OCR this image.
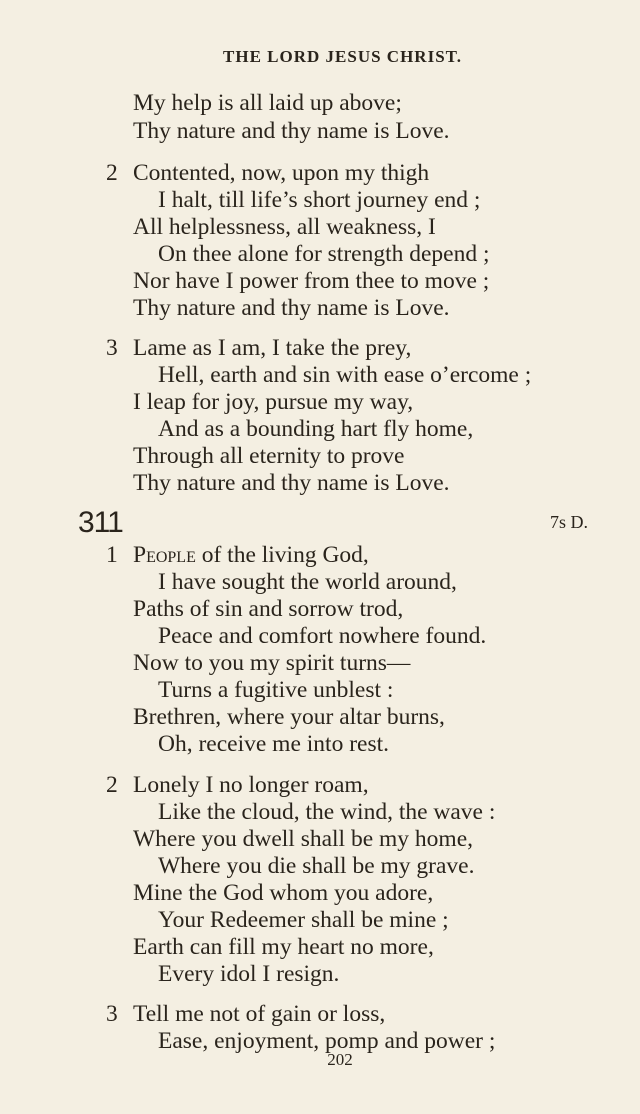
THE LORD JESUS CHRIST.
My help is all laid up above;
Thy nature and thy name is Love.
2 Contented, now, upon my thigh
I halt, till life’s short journey end ;
All helplessness, all weakness, I
On thee alone for strength depend ;
Nor have I power from thee to move ;
Thy nature and thy name is Love.
3 Lame as I am, I take the prey,
Hell, earth and sin with ease o’ercome ;
I leap for joy, pursue my way,
And as a bounding hart fly home,
Through all eternity to prove
Thy nature and thy name is Love.
311	7s D.
1 People of the living God,
I have sought the world around,
Paths of sin and sorrow trod,
Peace and comfort nowhere found.
Now to you my spirit turns—
Turns a fugitive unblest :
Brethren, where your altar burns,
Oh, receive me into rest.
2 Lonely I no longer roam,
Like the cloud, the wind, the wave :
Where you dwell shall be my home,
Where you die shall be my grave.
Mine the God whom you adore,
Your Redeemer shall be mine ;
Earth can fill my heart no more,
Every idol I resign.
3 Tell me not of gain or loss,
Ease, enjoyment, pomp and power ;
202
